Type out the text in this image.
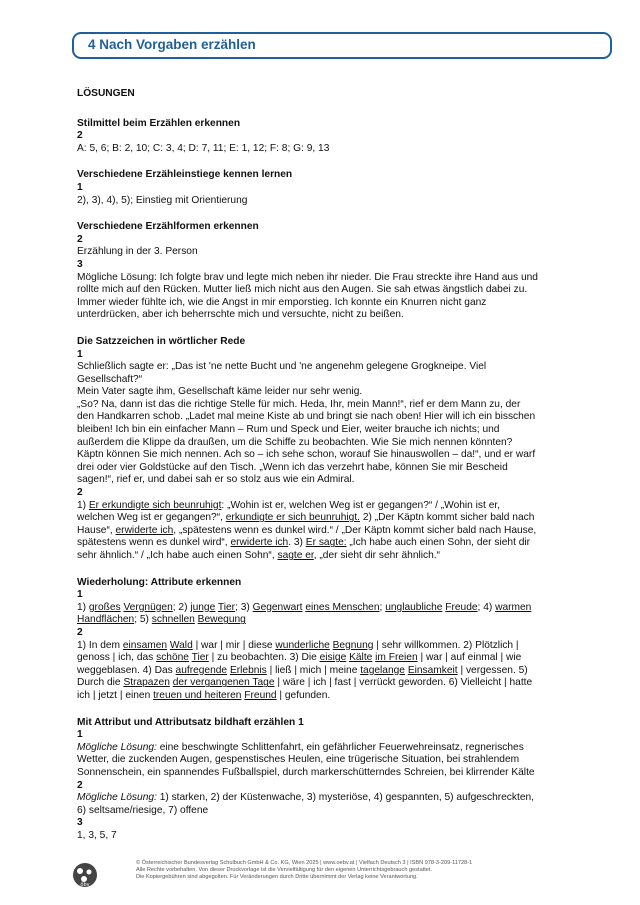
4 Nach Vorgaben erzählen
LÖSUNGEN
Stilmittel beim Erzählen erkennen
2
A: 5, 6; B: 2, 10; C: 3, 4; D: 7, 11; E: 1, 12; F: 8; G: 9, 13
Verschiedene Erzähleinstiege kennen lernen
1
2), 3), 4), 5); Einstieg mit Orientierung
Verschiedene Erzählformen erkennen
2
Erzählung in der 3. Person
3
Mögliche Lösung: Ich folgte brav und legte mich neben ihr nieder. Die Frau streckte ihre Hand aus und
rollte mich auf den Rücken. Mutter ließ mich nicht aus den Augen. Sie sah etwas ängstlich dabei zu.
Immer wieder fühlte ich, wie die Angst in mir emporstieg. Ich konnte ein Knurren nicht ganz
unterdrücken, aber ich beherrschte mich und versuchte, nicht zu beißen.
Die Satzzeichen in wörtlicher Rede
1
Schließlich sagte er: „Das ist 'ne nette Bucht und 'ne angenehm gelegene Grogkneipe. Viel
Gesellschaft?“
Mein Vater sagte ihm, Gesellschaft käme leider nur sehr wenig.
„So? Na, dann ist das die richtige Stelle für mich. Heda, Ihr, mein Mann!“, rief er dem Mann zu, der
den Handkarren schob. „Ladet mal meine Kiste ab und bringt sie nach oben! Hier will ich ein bisschen
bleiben! Ich bin ein einfacher Mann – Rum und Speck und Eier, weiter brauche ich nichts; und
außerdem die Klippe da draußen, um die Schiffe zu beobachten. Wie Sie mich nennen könnten?
Käptn können Sie mich nennen. Ach so – ich sehe schon, worauf Sie hinauswollen – da!“, und er warf
drei oder vier Goldstücke auf den Tisch. „Wenn ich das verzehrt habe, können Sie mir Bescheid
sagen!“, rief er, und dabei sah er so stolz aus wie ein Admiral.
2
1) Er erkundigte sich beunruhigt: „Wohin ist er, welchen Weg ist er gegangen?“ / „Wohin ist er,
welchen Weg ist er gegangen?“, erkundigte er sich beunruhigt. 2) „Der Käptn kommt sicher bald nach
Hause“, erwiderte ich, „spätestens wenn es dunkel wird.“ / „Der Käptn kommt sicher bald nach Hause,
spätestens wenn es dunkel wird“, erwiderte ich. 3) Er sagte: „Ich habe auch einen Sohn, der sieht dir
sehr ähnlich.“ / „Ich habe auch einen Sohn“, sagte er, „der sieht dir sehr ähnlich.“
Wiederholung: Attribute erkennen
1
1) großes Vergnügen; 2) junge Tier; 3) Gegenwart eines Menschen; unglaubliche Freude; 4) warmen
Handflächen; 5) schnellen Bewegung
2
1) In dem einsamen Wald | war | mir | diese wunderliche Begnung | sehr willkommen. 2) Plötzlich |
genoss | ich, das schöne Tier | zu beobachten. 3) Die eisige Kälte im Freien | war | auf einmal | wie
weggeblasen. 4) Das aufregende Erlebnis | ließ | mich | meine tagelange Einsamkeit | vergessen. 5)
Durch die Strapazen der vergangenen Tage | wäre | ich | fast | verrückt geworden. 6) Vielleicht | hatte
ich | jetzt | einen treuen und heiteren Freund | gefunden.
Mit Attribut und Attributsatz bildhaft erzählen 1
1
Mögliche Lösung: eine beschwingte Schlittenfahrt, ein gefährlicher Feuerwehreinsatz, regnerisches
Wetter, die zuckenden Augen, gespenstisches Heulen, eine trügerische Situation, bei strahlendem
Sonnenschein, ein spannendes Fußballspiel, durch markerschütterndes Schreien, bei klirrender Kälte
2
Mögliche Lösung: 1) starken, 2) der Küstenwache, 3) mysteriöse, 4) gespannten, 5) aufgeschreckten,
6) seltsame/riesige, 7) offene
3
1, 3, 5, 7
öbv
© Österreichischer Bundesverlag Schulbuch GmbH & Co. KG, Wien 2025 | www.oebv.at | Vielfach Deutsch 3 | ISBN 978-3-209-11728-1
Alle Rechte vorbehalten. Von dieser Druckvorlage ist die Vervielfältigung für den eigenen Unterrichtsgebrauch gestattet.
Die Kopiergebühren sind abgegolten. Für Veränderungen durch Dritte übernimmt der Verlag keine Verantwortung.
